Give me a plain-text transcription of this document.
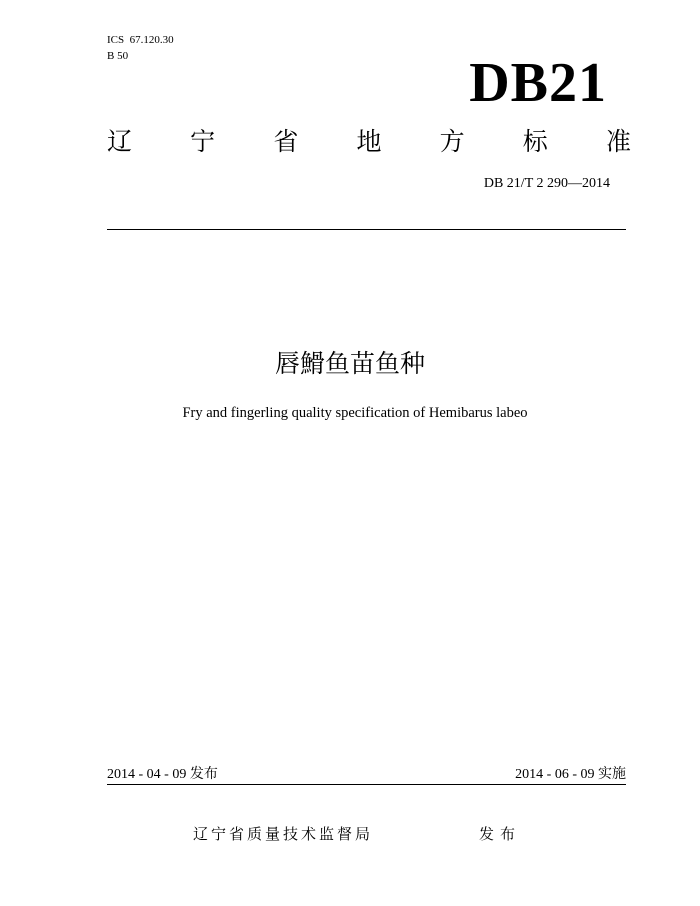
ICS  67.120.30
B 50	DB21
辽 宁 省 地 方 标 准
DB 21/T 2 290—2014
唇䱻鱼苗鱼种
Fry and fingerling quality specification of Hemibarus labeo
2014 - 04 - 09 发布	2014 - 06 - 09 实施
辽宁省质量技术监督局	发布
